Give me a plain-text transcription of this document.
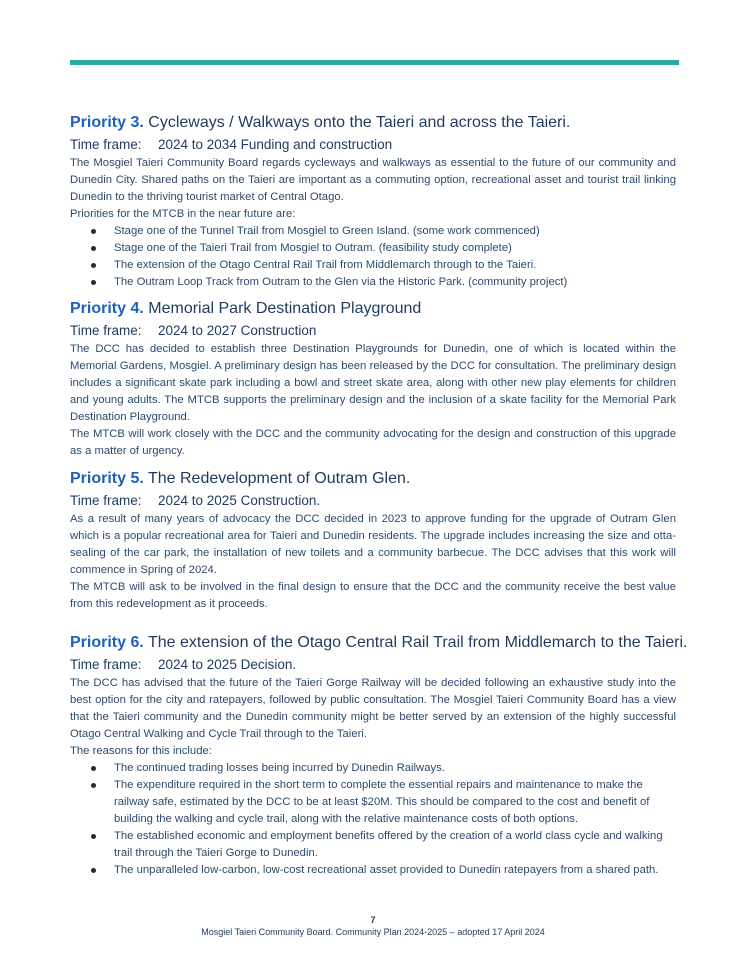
Priority 3. Cycleways / Walkways onto the Taieri and across the Taieri.
Time frame: 2024 to 2034 Funding and construction

The Mosgiel Taieri Community Board regards cycleways and walkways as essential to the future of our community and Dunedin City. Shared paths on the Taieri are important as a commuting option, recreational asset and tourist trail linking Dunedin to the thriving tourist market of Central Otago.

Priorities for the MTCB in the near future are:

Stage one of the Tunnel Trail from Mosgiel to Green Island. (some work commenced)
Stage one of the Taieri Trail from Mosgiel to Outram. (feasibility study complete)
The extension of the Otago Central Rail Trail from Middlemarch through to the Taieri.
The Outram Loop Track from Outram to the Glen via the Historic Park. (community project)
Priority 4. Memorial Park Destination Playground
Time frame: 2024 to 2027 Construction

The DCC has decided to establish three Destination Playgrounds for Dunedin, one of which is located within the Memorial Gardens, Mosgiel. A preliminary design has been released by the DCC for consultation. The preliminary design includes a significant skate park including a bowl and street skate area, along with other new play elements for children and young adults. The MTCB supports the preliminary design and the inclusion of a skate facility for the Memorial Park Destination Playground.

The MTCB will work closely with the DCC and the community advocating for the design and construction of this upgrade as a matter of urgency.

Priority 5. The Redevelopment of Outram Glen.
Time frame: 2024 to 2025 Construction.

As a result of many years of advocacy the DCC decided in 2023 to approve funding for the upgrade of Outram Glen which is a popular recreational area for Taieri and Dunedin residents. The upgrade includes increasing the size and otta-sealing of the car park, the installation of new toilets and a community barbecue. The DCC advises that this work will commence in Spring of 2024.

The MTCB will ask to be involved in the final design to ensure that the DCC and the community receive the best value from this redevelopment as it proceeds.

Priority 6. The extension of the Otago Central Rail Trail from Middlemarch to the Taieri.
Time frame: 2024 to 2025 Decision.

The DCC has advised that the future of the Taieri Gorge Railway will be decided following an exhaustive study into the best option for the city and ratepayers, followed by public consultation. The Mosgiel Taieri Community Board has a view that the Taieri community and the Dunedin community might be better served by an extension of the highly successful Otago Central Walking and Cycle Trail through to the Taieri.

The reasons for this include:

The continued trading losses being incurred by Dunedin Railways.
The expenditure required in the short term to complete the essential repairs and maintenance to make the railway safe, estimated by the DCC to be at least $20M. This should be compared to the cost and benefit of building the walking and cycle trail, along with the relative maintenance costs of both options.
The established economic and employment benefits offered by the creation of a world class cycle and walking trail through the Taieri Gorge to Dunedin.
The unparalleled low-carbon, low-cost recreational asset provided to Dunedin ratepayers from a shared path.
7
Mosgiel Taieri Community Board. Community Plan 2024-2025 – adopted 17 April 2024
